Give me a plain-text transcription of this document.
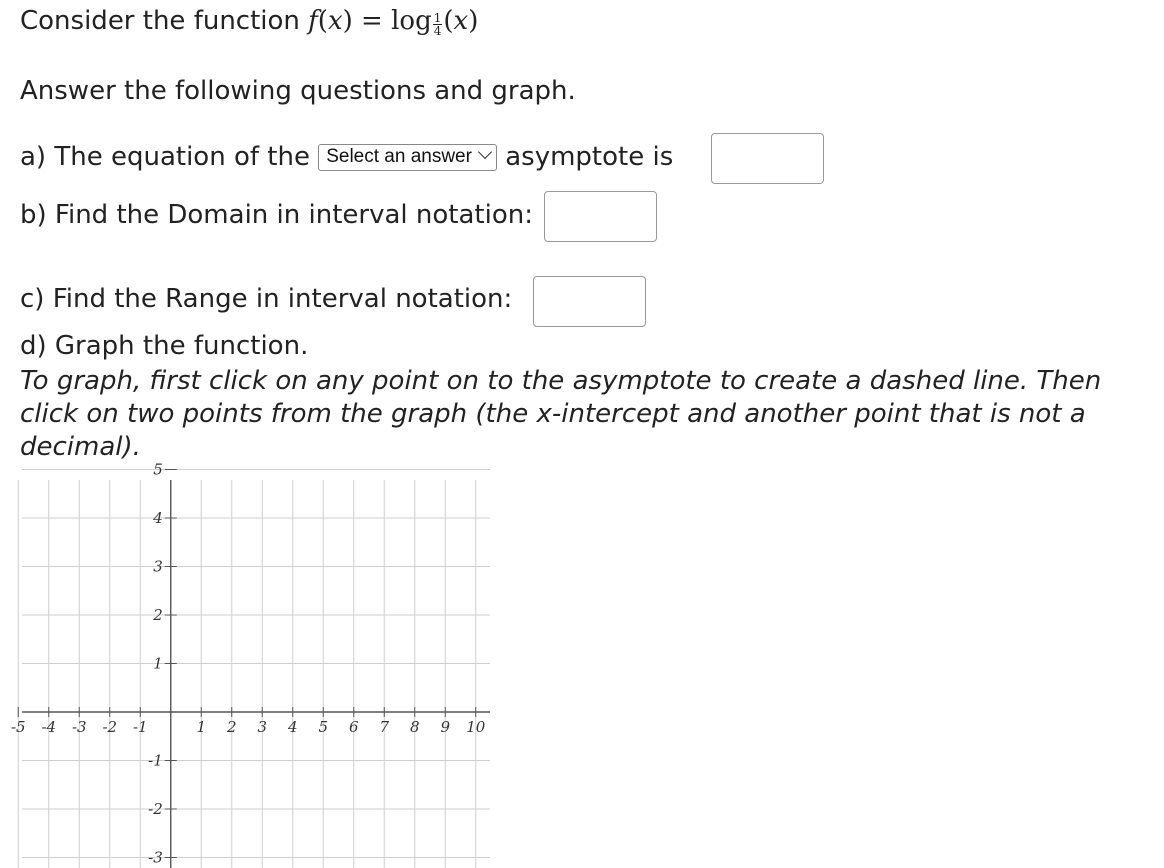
Consider the function $f(x) = \log \frac{1}{4} (x)$
Answer the following questions and graph.
a) The equation of the Select an answer asymptote is
b) Find the Domain in interval notation:
c) Find the Range in interval notation:
d) Graph the function.
To graph, first click on any point on to the asymptote to create a dashed line. Then click on two points from the graph (the x-intercept and another point that is not a decimal).
-5 -4 -3 -2 -1	1 2 3 4 5 6 7 8 9 10
5
4
3
2
1
-1
-2
-3
